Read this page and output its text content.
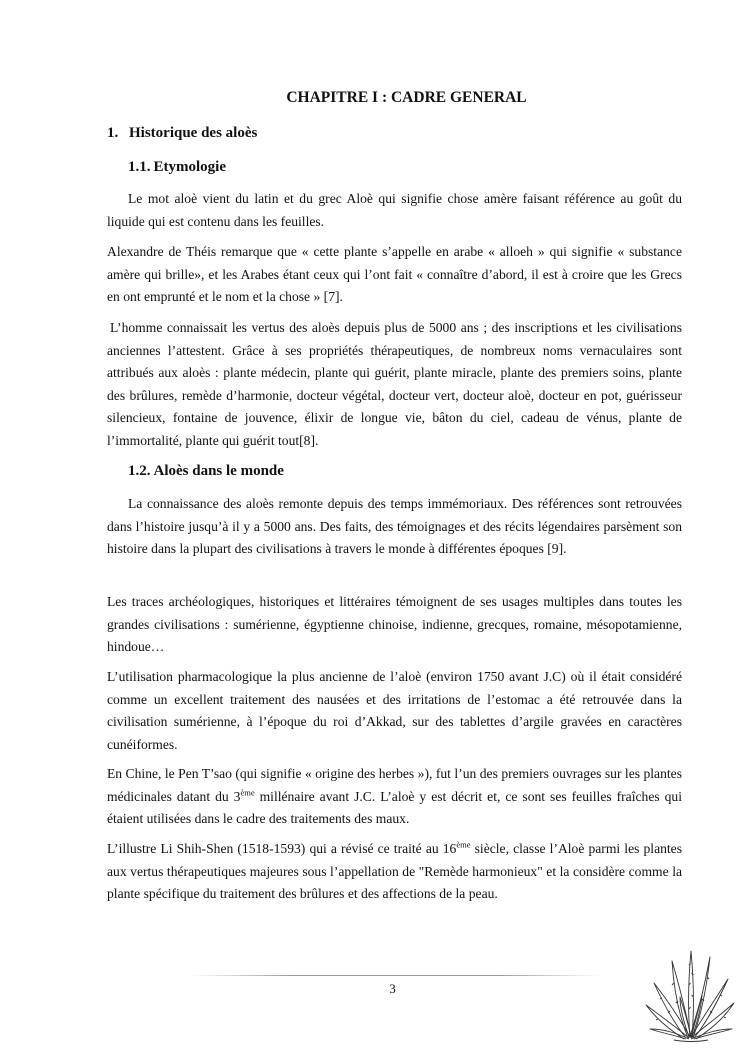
CHAPITRE I : CADRE GENERAL
1. Historique des aloès
1.1. Etymologie

Le mot aloè vient du latin et du grec Aloè qui signifie chose amère faisant référence au goût du liquide qui est contenu dans les feuilles.

Alexandre de Théis remarque que « cette plante s’appelle en arabe « alloeh » qui signifie « substance amère qui brille», et les Arabes étant ceux qui l’ont fait « connaître d’abord, il est à croire que les Grecs en ont emprunté et le nom et la chose » [7].

L’homme connaissait les vertus des aloès depuis plus de 5000 ans ; des inscriptions et les civilisations anciennes l’attestent. Grâce à ses propriétés thérapeutiques, de nombreux noms vernaculaires sont attribués aux aloès : plante médecin, plante qui guérit, plante miracle, plante des premiers soins, plante des brûlures, remède d’harmonie, docteur végétal, docteur vert, docteur aloè, docteur en pot, guérisseur silencieux, fontaine de jouvence, élixir de longue vie, bâton du ciel, cadeau de vénus, plante de l’immortalité, plante qui guérit tout[8].

1.2. Aloès dans le monde

La connaissance des aloès remonte depuis des temps immémoriaux. Des références sont retrouvées dans l’histoire jusqu’à il y a 5000 ans. Des faits, des témoignages et des récits légendaires parsèment son histoire dans la plupart des civilisations à travers le monde à différentes époques [9].

Les traces archéologiques, historiques et littéraires témoignent de ses usages multiples dans toutes les grandes civilisations : sumérienne, égyptienne chinoise, indienne, grecques, romaine, mésopotamienne, hindoue…

L’utilisation pharmacologique la plus ancienne de l’aloè (environ 1750 avant J.C) où il était considéré comme un excellent traitement des nausées et des irritations de l’estomac a été retrouvée dans la civilisation sumérienne, à l’époque du roi d’Akkad, sur des tablettes d’argile gravées en caractères cunéiformes.

En Chine, le Pen T’sao (qui signifie « origine des herbes »), fut l’un des premiers ouvrages sur les plantes médicinales datant du 3ème millénaire avant J.C. L’aloè y est décrit et, ce sont ses feuilles fraîches qui étaient utilisées dans le cadre des traitements des maux.

L’illustre Li Shih-Shen (1518-1593) qui a révisé ce traité au 16ème siècle, classe l’Aloè parmi les plantes aux vertus thérapeutiques majeures sous l’appellation de "Remède harmonieux" et la considère comme la plante spécifique du traitement des brûlures et des affections de la peau.

3
